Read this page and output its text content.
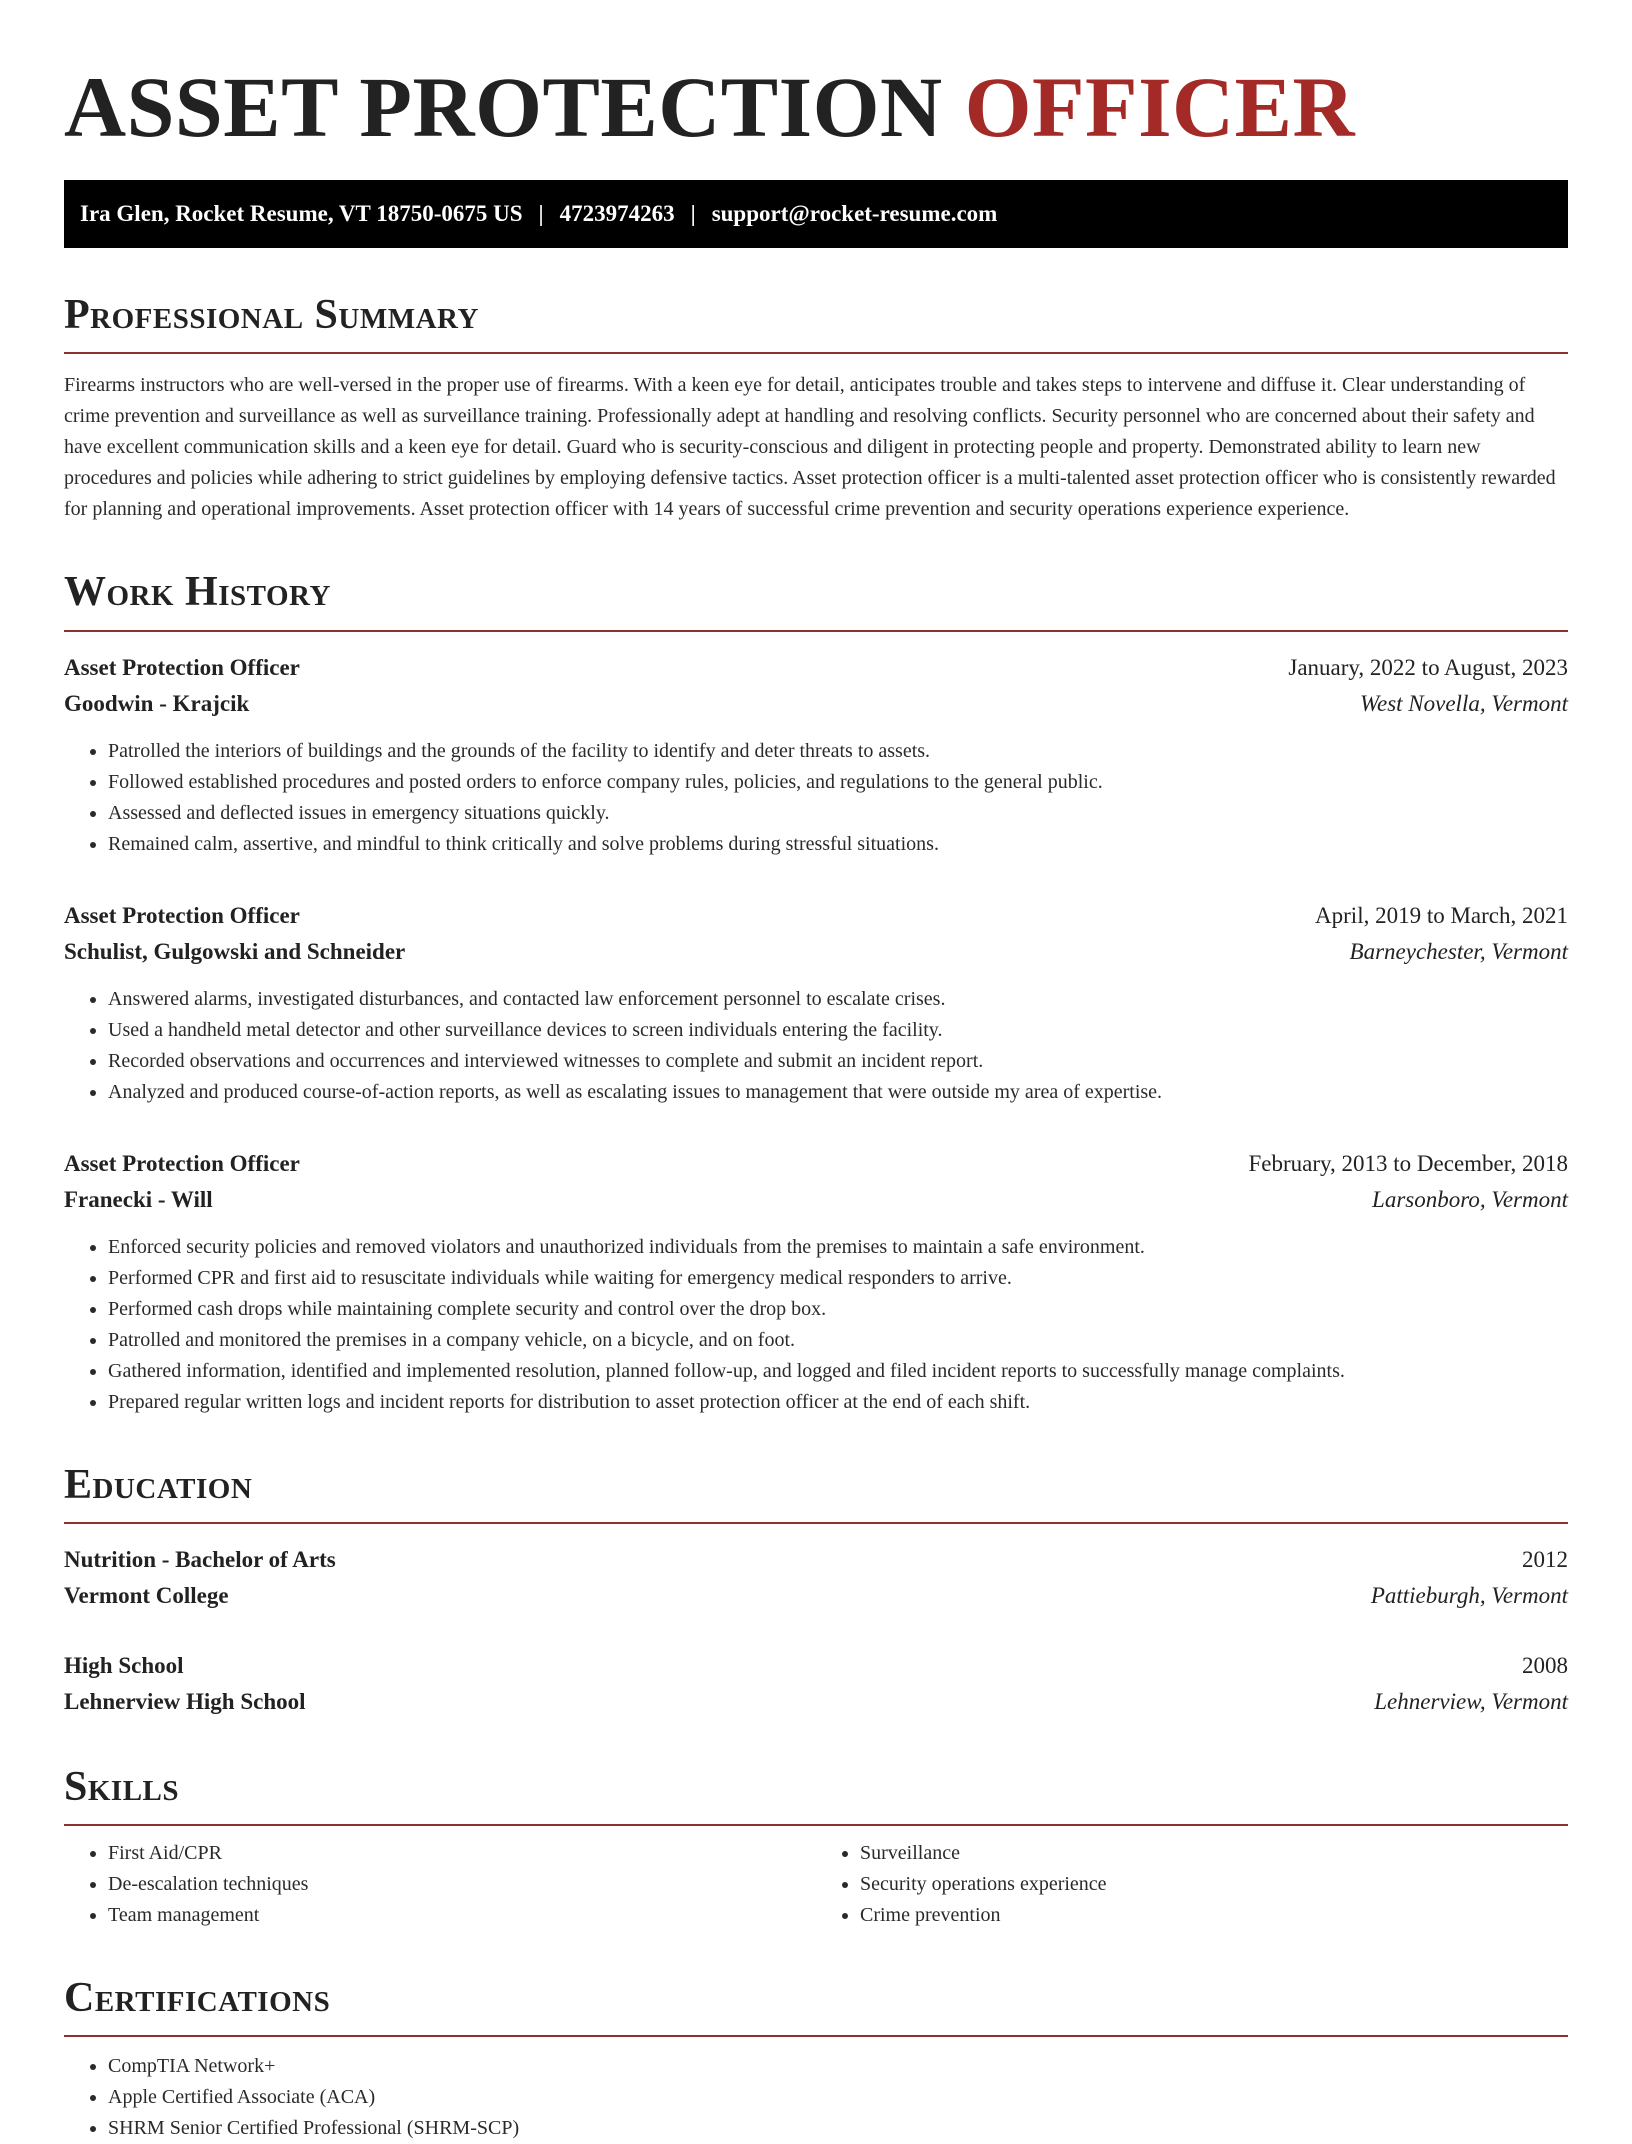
ASSET PROTECTION OFFICER
Ira Glen, Rocket Resume, VT 18750-0675 US | 4723974263 | support@rocket-resume.com
Professional Summary

Firearms instructors who are well-versed in the proper use of firearms. With a keen eye for detail, anticipates trouble and takes steps to intervene and diffuse it. Clear understanding of crime prevention and surveillance as well as surveillance training. Professionally adept at handling and resolving conflicts. Security personnel who are concerned about their safety and have excellent communication skills and a keen eye for detail. Guard who is security-conscious and diligent in protecting people and property. Demonstrated ability to learn new procedures and policies while adhering to strict guidelines by employing defensive tactics. Asset protection officer is a multi-talented asset protection officer who is consistently rewarded for planning and operational improvements. Asset protection officer with 14 years of successful crime prevention and security operations experience experience.

Work History
Asset Protection Officer	January, 2022 to August, 2023
Goodwin - Krajcik	West Novella, Vermont
• Patrolled the interiors of buildings and the grounds of the facility to identify and deter threats to assets.
• Followed established procedures and posted orders to enforce company rules, policies, and regulations to the general public.
• Assessed and deflected issues in emergency situations quickly.
• Remained calm, assertive, and mindful to think critically and solve problems during stressful situations.
Asset Protection Officer	April, 2019 to March, 2021
Schulist, Gulgowski and Schneider	Barneychester, Vermont
• Answered alarms, investigated disturbances, and contacted law enforcement personnel to escalate crises.
• Used a handheld metal detector and other surveillance devices to screen individuals entering the facility.
• Recorded observations and occurrences and interviewed witnesses to complete and submit an incident report.
• Analyzed and produced course-of-action reports, as well as escalating issues to management that were outside my area of expertise.
Asset Protection Officer	February, 2013 to December, 2018
Franecki - Will	Larsonboro, Vermont
• Enforced security policies and removed violators and unauthorized individuals from the premises to maintain a safe environment.
• Performed CPR and first aid to resuscitate individuals while waiting for emergency medical responders to arrive.
• Performed cash drops while maintaining complete security and control over the drop box.
• Patrolled and monitored the premises in a company vehicle, on a bicycle, and on foot.
• Gathered information, identified and implemented resolution, planned follow-up, and logged and filed incident reports to successfully manage complaints.
• Prepared regular written logs and incident reports for distribution to asset protection officer at the end of each shift.
Education
Nutrition - Bachelor of Arts	2012
Vermont College	Pattieburgh, Vermont
High School	2008
Lehnerview High School	Lehnerview, Vermont
Skills
• First Aid/CPR
• De-escalation techniques
• Team management
• Surveillance
• Security operations experience
• Crime prevention
Certifications
• CompTIA Network+
• Apple Certified Associate (ACA)
• SHRM Senior Certified Professional (SHRM-SCP)
